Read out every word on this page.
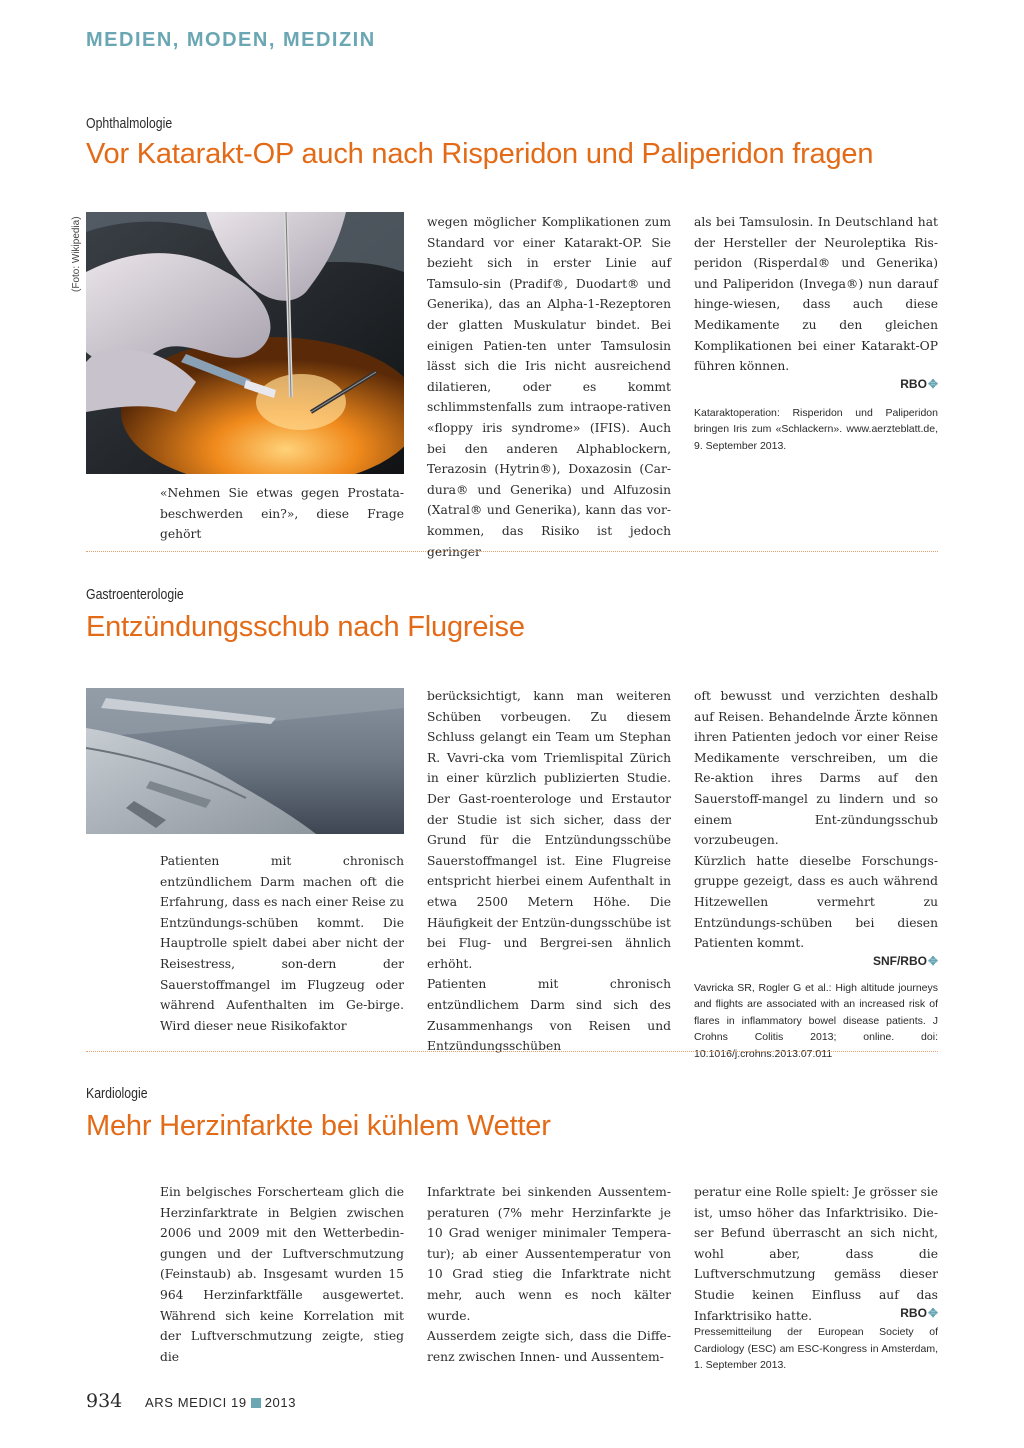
MEDIEN, MODEN, MEDIZIN
Ophthalmologie
Vor Katarakt-OP auch nach Risperidon und Paliperidon fragen
(Foto: Wikipedia)
«Nehmen Sie etwas gegen Prostata-beschwerden ein?», diese Frage gehört
wegen möglicher Komplikationen zum Standard vor einer Katarakt-OP. Sie bezieht sich in erster Linie auf Tamsulo-sin (Pradif®, Duodart® und Generika), das an Alpha-1-Rezeptoren der glatten Muskulatur bindet. Bei einigen Patien-ten unter Tamsulosin lässt sich die Iris nicht ausreichend dilatieren, oder es kommt schlimmstenfalls zum intraope-rativen «floppy iris syndrome» (IFIS). Auch bei den anderen Alphablockern, Terazosin (Hytrin®), Doxazosin (Car-dura® und Generika) und Alfuzosin (Xatral® und Generika), kann das vor-kommen, das Risiko ist jedoch geringer
als bei Tamsulosin. In Deutschland hat der Hersteller der Neuroleptika Ris-peridon (Risperdal® und Generika) und Paliperidon (Invega®) nun darauf hinge-wiesen, dass auch diese Medikamente zu den gleichen Komplikationen bei einer Katarakt-OP führen können.
RBO✥
Kataraktoperation: Risperidon und Paliperidon bringen Iris zum «Schlackern». www.aerzteblatt.de, 9. September 2013.
Gastroenterologie
Entzündungsschub nach Flugreise
Patienten mit chronisch entzündlichem Darm machen oft die Erfahrung, dass es nach einer Reise zu Entzündungs-schüben kommt. Die Hauptrolle spielt dabei aber nicht der Reisestress, son-dern der Sauerstoffmangel im Flugzeug oder während Aufenthalten im Ge-birge. Wird dieser neue Risikofaktor
berücksichtigt, kann man weiteren Schüben vorbeugen. Zu diesem Schluss gelangt ein Team um Stephan R. Vavri-cka vom Triemlispital Zürich in einer kürzlich publizierten Studie. Der Gast-roenterologe und Erstautor der Studie ist sich sicher, dass der Grund für die Entzündungsschübe Sauerstoffmangel ist. Eine Flugreise entspricht hierbei einem Aufenthalt in etwa 2500 Metern Höhe. Die Häufigkeit der Entzün-dungsschübe ist bei Flug- und Bergrei-sen ähnlich erhöht.
Patienten mit chronisch entzündlichem Darm sind sich des Zusammenhangs von Reisen und Entzündungsschüben
oft bewusst und verzichten deshalb auf Reisen. Behandelnde Ärzte können ihren Patienten jedoch vor einer Reise Medikamente verschreiben, um die Re-aktion ihres Darms auf den Sauerstoff-mangel zu lindern und so einem Ent-zündungsschub vorzubeugen.
Kürzlich hatte dieselbe Forschungs-gruppe gezeigt, dass es auch während Hitzewellen vermehrt zu Entzündungs-schüben bei diesen Patienten kommt.
SNF/RBO✥
Vavricka SR, Rogler G et al.: High altitude journeys and flights are associated with an increased risk of flares in inflammatory bowel disease patients. J Crohns Colitis 2013; online. doi: 10.1016/j.crohns.2013.07.011
Kardiologie
Mehr Herzinfarkte bei kühlem Wetter
Ein belgisches Forscherteam glich die Herzinfarktrate in Belgien zwischen 2006 und 2009 mit den Wetterbedin-gungen und der Luftverschmutzung (Feinstaub) ab. Insgesamt wurden 15 964 Herzinfarktfälle ausgewertet. Während sich keine Korrelation mit der Luftverschmutzung zeigte, stieg die
Infarktrate bei sinkenden Aussentem-peraturen (7% mehr Herzinfarkte je 10 Grad weniger minimaler Tempera-tur); ab einer Aussentemperatur von 10 Grad stieg die Infarktrate nicht mehr, auch wenn es noch kälter wurde.
Ausserdem zeigte sich, dass die Diffe-renz zwischen Innen- und Aussentem-
peratur eine Rolle spielt: Je grösser sie ist, umso höher das Infarktrisiko. Die-ser Befund überrascht an sich nicht, wohl aber, dass die Luftverschmutzung gemäss dieser Studie keinen Einfluss auf das Infarktrisiko hatte.	RBO✥
Pressemitteilung der European Society of Cardiology (ESC) am ESC-Kongress in Amsterdam, 1. September 2013.
934 ARS MEDICI 19 2013
